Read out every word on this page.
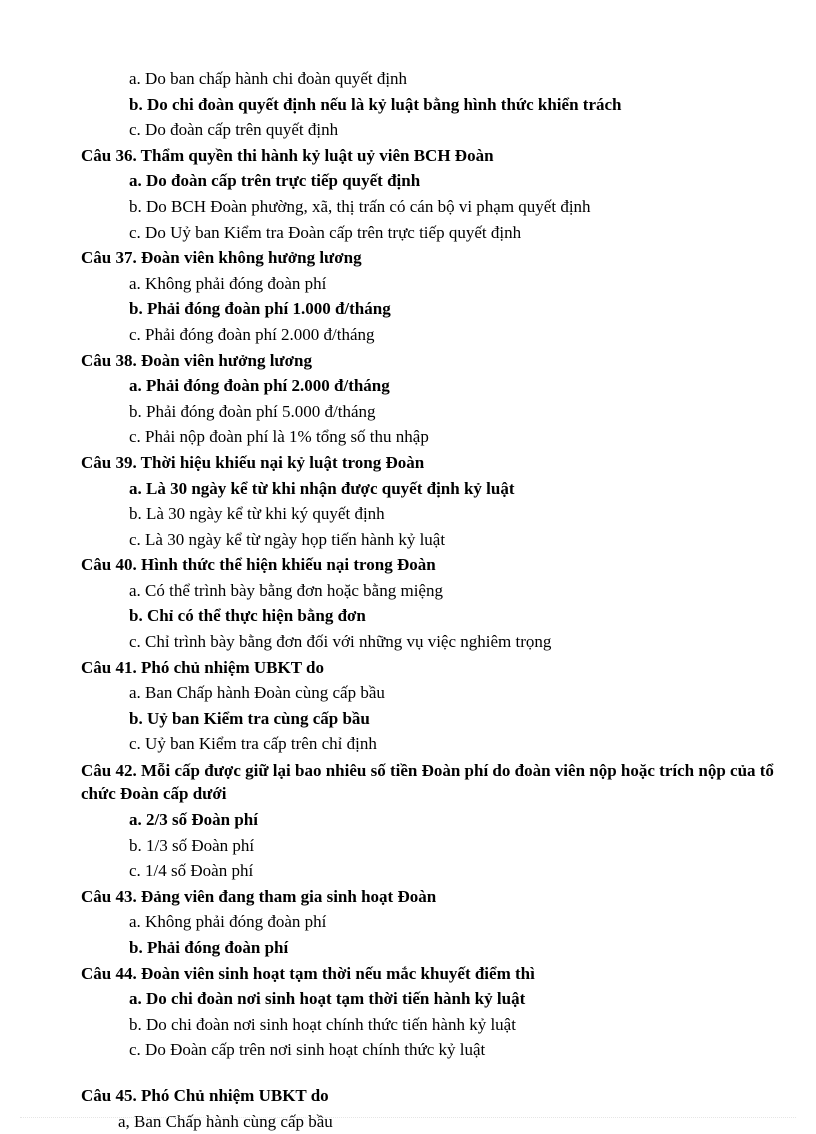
a. Do ban chấp hành chi đoàn quyết định
b. Do chi đoàn quyết định nếu là kỷ luật bằng hình thức khiển trách
c. Do đoàn cấp trên quyết định
Câu 36. Thẩm quyền thi hành kỷ luật uỷ viên BCH Đoàn
a. Do đoàn cấp trên trực tiếp quyết định
b. Do BCH Đoàn phường, xã, thị trấn có cán bộ vi phạm quyết định
c. Do Uỷ ban Kiểm tra Đoàn cấp trên trực tiếp quyết định
Câu 37. Đoàn viên không hưởng lương
a. Không phải đóng đoàn phí
b. Phải đóng đoàn phí 1.000 đ/tháng
c. Phải đóng đoàn phí 2.000 đ/tháng
Câu 38. Đoàn viên hưởng lương
a. Phải đóng đoàn phí 2.000 đ/tháng
b. Phải đóng đoàn phí 5.000 đ/tháng
c. Phải nộp đoàn phí là 1% tổng số thu nhập
Câu 39. Thời hiệu khiếu nại kỷ luật trong Đoàn
a. Là 30 ngày kể từ khi nhận được quyết định kỷ luật
b. Là 30 ngày kể từ khi ký quyết định
c. Là 30 ngày kể từ ngày họp tiến hành kỷ luật
Câu 40. Hình thức thể hiện khiếu nại trong Đoàn
a. Có thể trình bày bằng đơn hoặc bằng miệng
b. Chỉ có thể thực hiện bằng đơn
c. Chỉ trình bày bằng đơn đối với những vụ việc nghiêm trọng
Câu 41. Phó chủ nhiệm UBKT do
a. Ban Chấp hành Đoàn cùng cấp bầu
b. Uỷ ban Kiểm tra cùng cấp bầu
c. Uỷ ban Kiểm tra cấp trên chỉ định
Câu 42. Mỗi cấp được giữ lại bao nhiêu số tiền Đoàn phí do đoàn viên nộp hoặc trích nộp của tổ chức Đoàn cấp dưới
a. 2/3 số Đoàn phí
b. 1/3 số Đoàn phí
c. 1/4 số Đoàn phí
Câu 43. Đảng viên đang tham gia sinh hoạt Đoàn
a. Không phải đóng đoàn phí
b. Phải đóng đoàn phí
Câu 44. Đoàn viên sinh hoạt tạm thời nếu mắc khuyết điểm thì
a. Do chi đoàn nơi sinh hoạt tạm thời tiến hành kỷ luật
b. Do chi đoàn nơi sinh hoạt chính thức tiến hành kỷ luật
c. Do Đoàn cấp trên nơi sinh hoạt chính thức kỷ luật
Câu 45. Phó Chủ nhiệm UBKT do
a, Ban Chấp hành cùng cấp bầu
